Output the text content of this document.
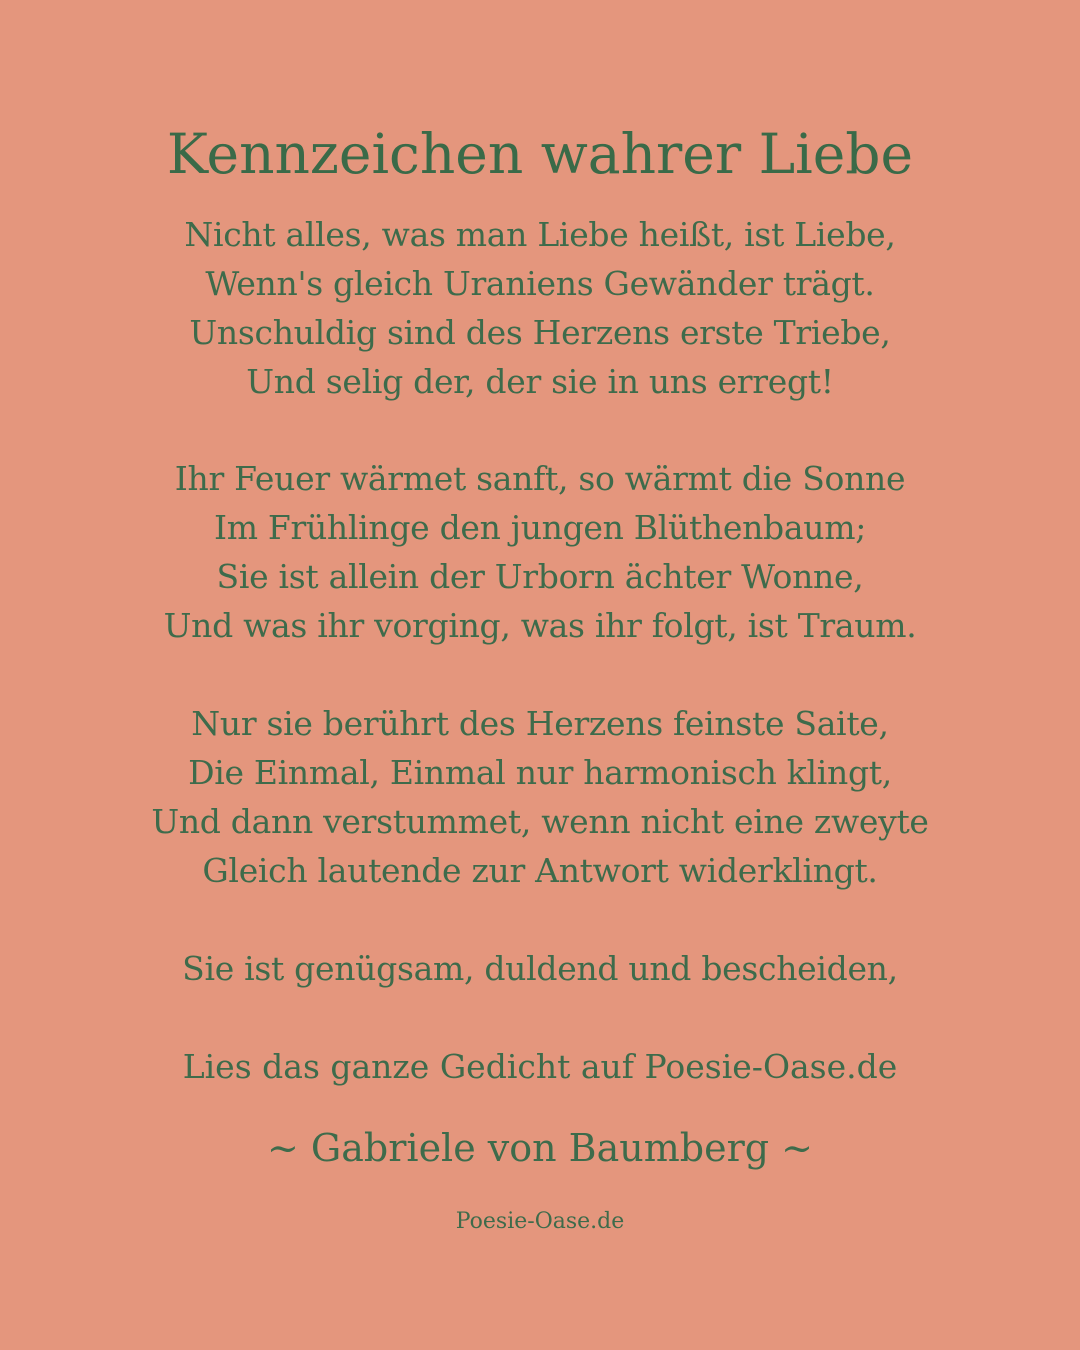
Kennzeichen wahrer Liebe
Nicht alles, was man Liebe heißt, ist Liebe,
Wenn's gleich Uraniens Gewänder trägt.
Unschuldig sind des Herzens erste Triebe,
Und selig der, der sie in uns erregt!
Ihr Feuer wärmet sanft, so wärmt die Sonne
Im Frühlinge den jungen Blüthenbaum;
Sie ist allein der Urborn ächter Wonne,
Und was ihr vorging, was ihr folgt, ist Traum.
Nur sie berührt des Herzens feinste Saite,
Die Einmal, Einmal nur harmonisch klingt,
Und dann verstummet, wenn nicht eine zweyte
Gleich lautende zur Antwort widerklingt.
Sie ist genügsam, duldend und bescheiden,
Lies das ganze Gedicht auf Poesie-Oase.de
~ Gabriele von Baumberg ~
Poesie-Oase.de
